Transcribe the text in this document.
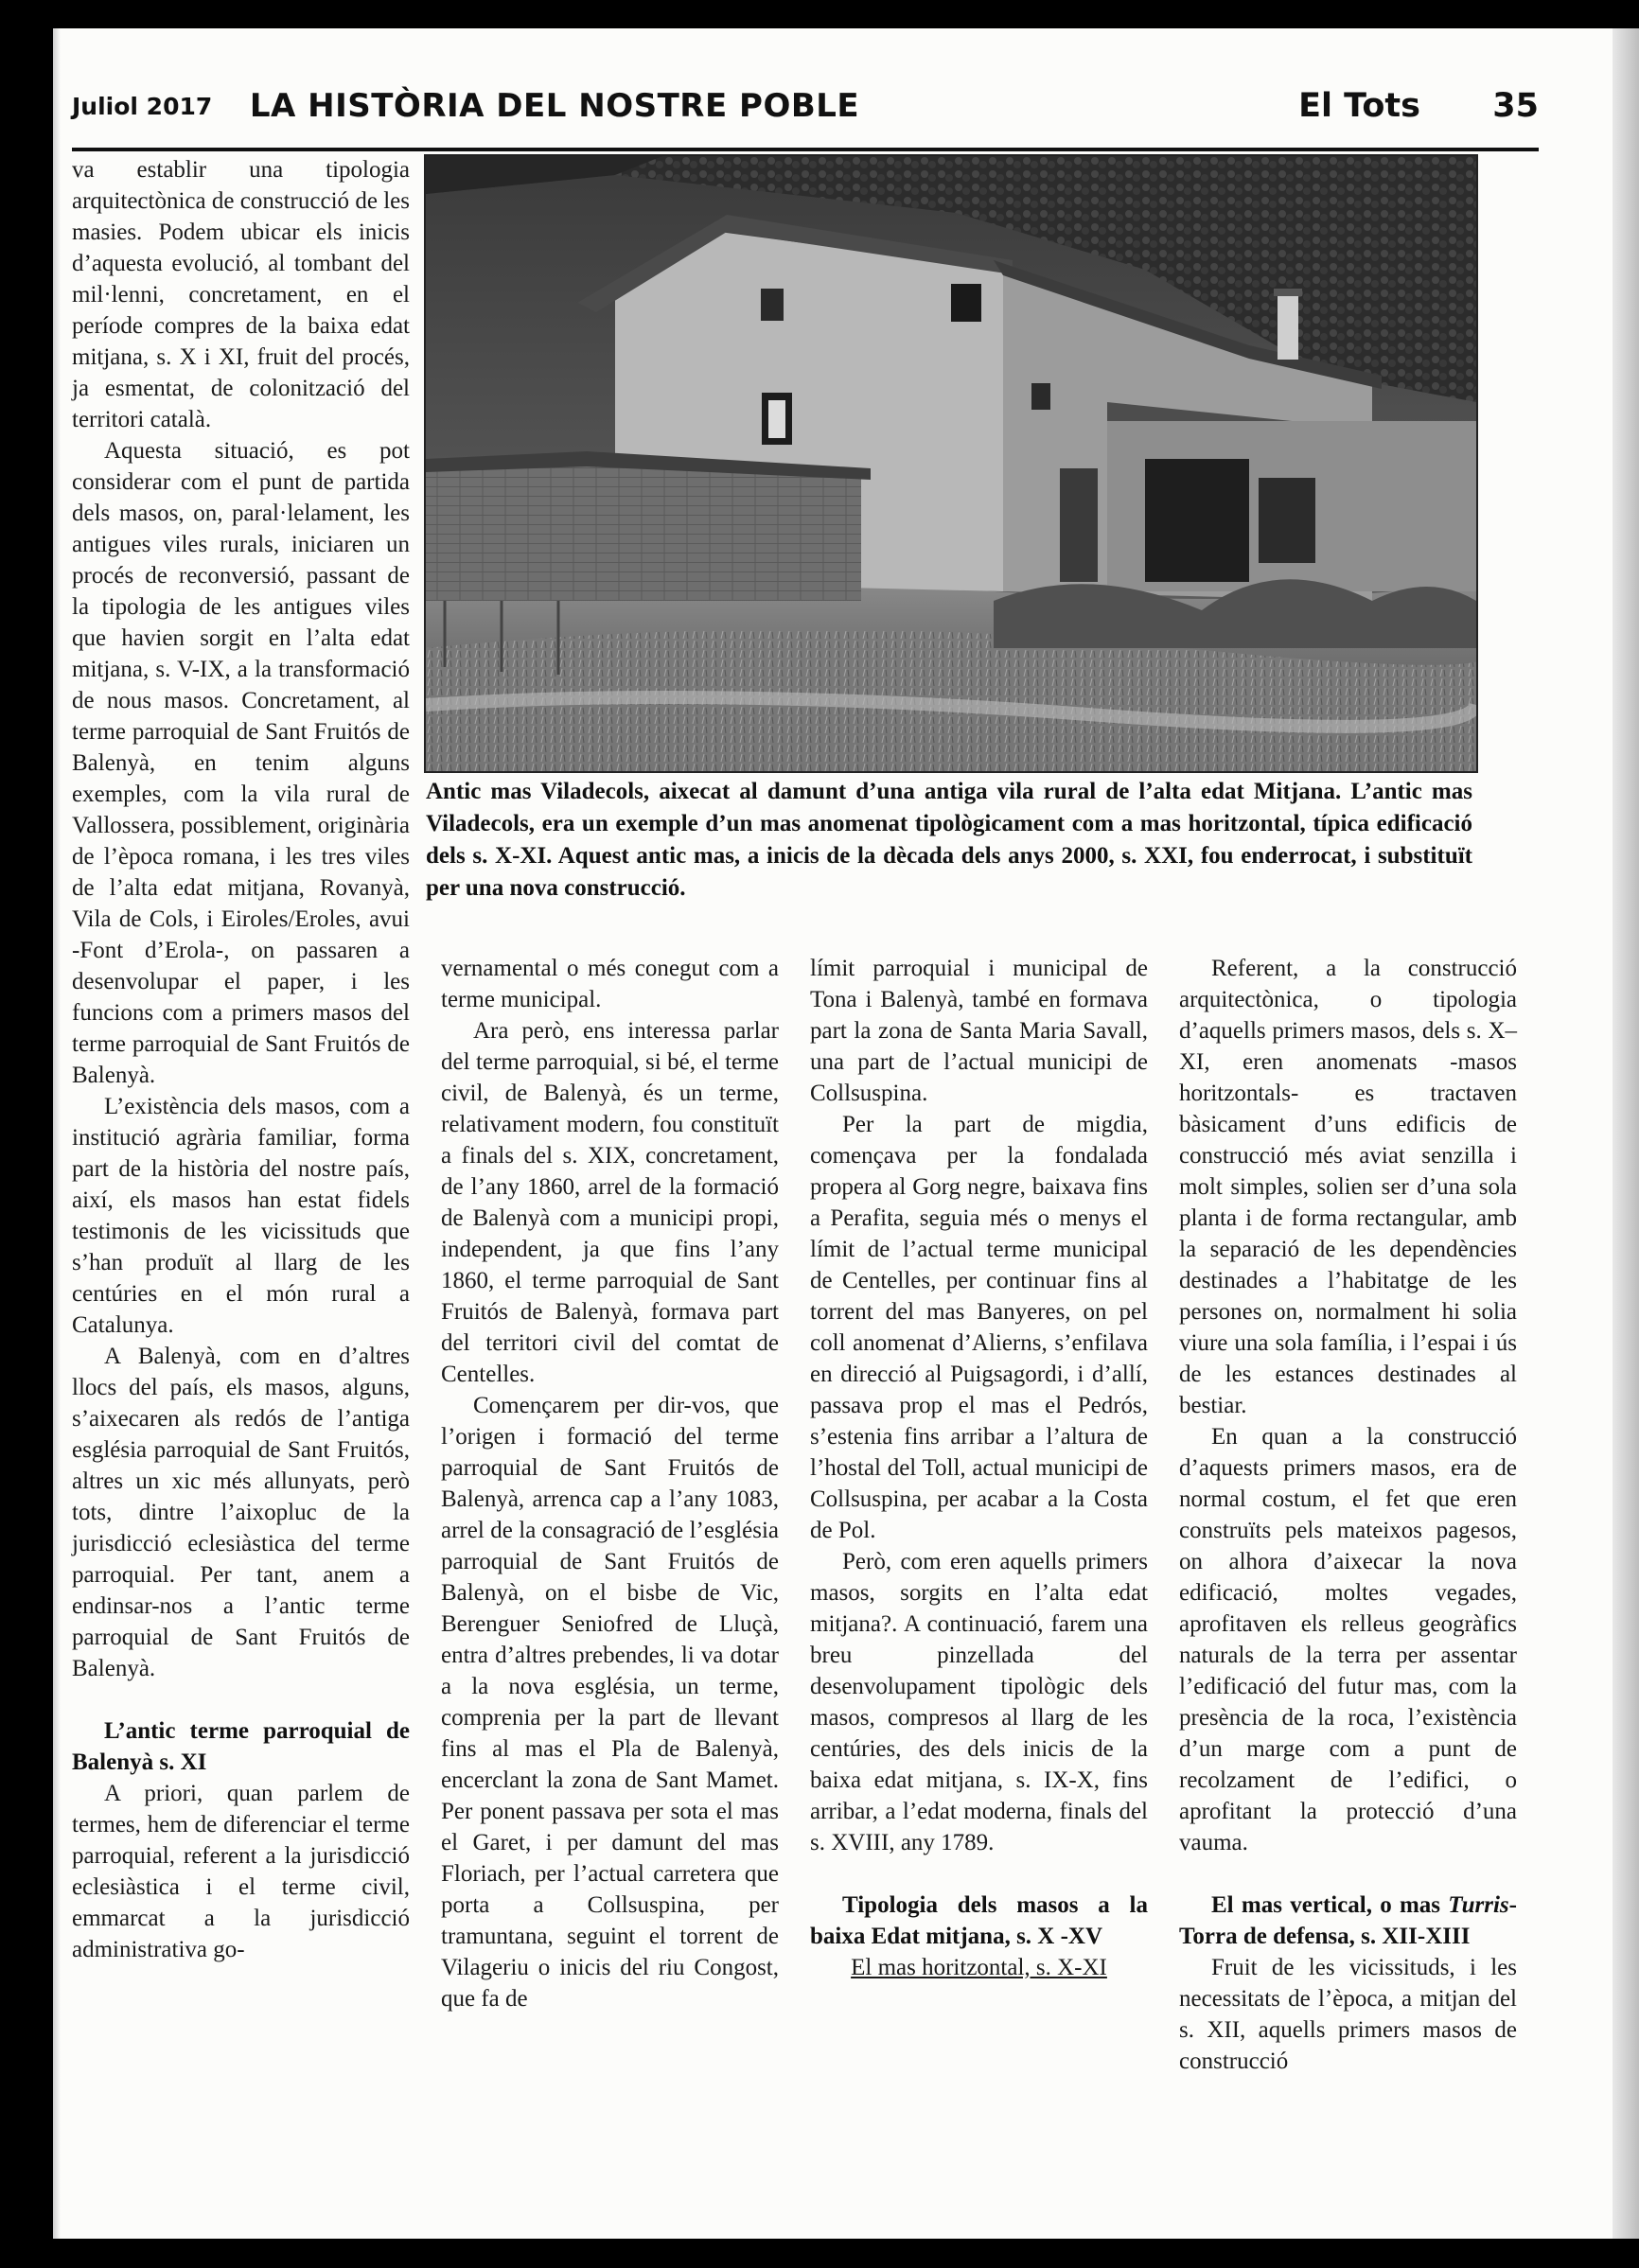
Juliol 2017	LA HISTÒRIA DEL NOSTRE POBLE	El Tots 35
Antic mas Viladecols, aixecat al damunt d’una antiga vila rural de l’alta edat Mitjana. L’antic mas Viladecols, era un exemple d’un mas anomenat tipològicament com a mas horitzontal, típica edificació dels s. X-XI. Aquest antic mas, a inicis de la dècada dels anys 2000, s. XXI, fou enderrocat, i substituït per una nova construcció.

va establir una tipologia arquitectònica de construcció de les masies. Podem ubicar els inicis d’aquesta evolució, al tombant del mil·lenni, concretament, en el període compres de la baixa edat mitjana, s. X i XI, fruit del procés, ja esmentat, de colonització del territori català.

Aquesta situació, es pot considerar com el punt de partida dels masos, on, paral·lelament, les antigues viles rurals, iniciaren un procés de reconversió, passant de la tipologia de les antigues viles que havien sorgit en l’alta edat mitjana, s. V-IX, a la transformació de nous masos. Concretament, al terme parroquial de Sant Fruitós de Balenyà, en tenim alguns exemples, com la vila rural de Vallossera, possiblement, originària de l’època romana, i les tres viles de l’alta edat mitjana, Rovanyà, Vila de Cols, i Eiroles/Eroles, avui -Font d’Erola-, on passaren a desenvolupar el paper, i les funcions com a primers masos del terme parroquial de Sant Fruitós de Balenyà.

L’existència dels masos, com a institució agrària familiar, forma part de la història del nostre país, així, els masos han estat fidels testimonis de les vicissituds que s’han produït al llarg de les centúries en el món rural a Catalunya.

A Balenyà, com en d’altres llocs del país, els masos, alguns, s’aixecaren als redós de l’antiga església parroquial de Sant Fruitós, altres un xic més allunyats, però tots, dintre l’aixopluc de la jurisdicció eclesiàstica del terme parroquial. Per tant, anem a endinsar-nos a l’antic terme parroquial de Sant Fruitós de Balenyà.

L’antic terme parroquial de Balenyà s. XI

A priori, quan parlem de termes, hem de diferenciar el terme parroquial, referent a la jurisdicció eclesiàstica i el terme civil, emmarcat a la jurisdicció administrativa go-

vernamental o més conegut com a terme municipal.

Ara però, ens interessa parlar del terme parroquial, si bé, el terme civil, de Balenyà, és un terme, relativament modern, fou constituït a finals del s. XIX, concretament, de l’any 1860, arrel de la formació de Balenyà com a municipi propi, independent, ja que fins l’any 1860, el terme parroquial de Sant Fruitós de Balenyà, formava part del territori civil del comtat de Centelles.

Començarem per dir-vos, que l’origen i formació del terme parroquial de Sant Fruitós de Balenyà, arrenca cap a l’any 1083, arrel de la consagració de l’església parroquial de Sant Fruitós de Balenyà, on el bisbe de Vic, Berenguer Seniofred de Lluçà, entra d’altres prebendes, li va dotar a la nova església, un terme, comprenia per la part de llevant fins al mas el Pla de Balenyà, encerclant la zona de Sant Mamet. Per ponent passava per sota el mas el Garet, i per damunt del mas Floriach, per l’actual carretera que porta a Collsuspina, per tramuntana, seguint el torrent de Vilageriu o inicis del riu Congost, que fa de

límit parroquial i municipal de Tona i Balenyà, també en formava part la zona de Santa Maria Savall, una part de l’actual municipi de Collsuspina.

Per la part de migdia, començava per la fondalada propera al Gorg negre, baixava fins a Perafita, seguia més o menys el límit de l’actual terme municipal de Centelles, per continuar fins al torrent del mas Banyeres, on pel coll anomenat d’Alierns, s’enfilava en direcció al Puigsagordi, i d’allí, passava prop el mas el Pedrós, s’estenia fins arribar a l’altura de l’hostal del Toll, actual municipi de Collsuspina, per acabar a la Costa de Pol.

Però, com eren aquells primers masos, sorgits en l’alta edat mitjana?. A continuació, farem una breu pinzellada del desenvolupament tipològic dels masos, compresos al llarg de les centúries, des dels inicis de la baixa edat mitjana, s. IX-X, fins arribar, a l’edat moderna, finals del s. XVIII, any 1789.

Tipologia dels masos a la baixa Edat mitjana, s. X -XV

El mas horitzontal, s. X-XI

Referent, a la construcció arquitectònica, o tipologia d’aquells primers masos, dels s. X–XI, eren anomenats -masos horitzontals- es tractaven bàsicament d’uns edificis de construcció més aviat senzilla i molt simples, solien ser d’una sola planta i de forma rectangular, amb la separació de les dependències destinades a l’habitatge de les persones on, normalment hi solia viure una sola família, i l’espai i ús de les estances destinades al bestiar.

En quan a la construcció d’aquests primers masos, era de normal costum, el fet que eren construïts pels mateixos pagesos, on alhora d’aixecar la nova edificació, moltes vegades, aprofitaven els relleus geogràfics naturals de la terra per assentar l’edificació del futur mas, com la presència de la roca, l’existència d’un marge com a punt de recolzament de l’edifici, o aprofitant la protecció d’una vauma.

El mas vertical, o mas Turris-Torra de defensa, s. XII-XIII

Fruit de les vicissituds, i les necessitats de l’època, a mitjan del s. XII, aquells primers masos de construcció
